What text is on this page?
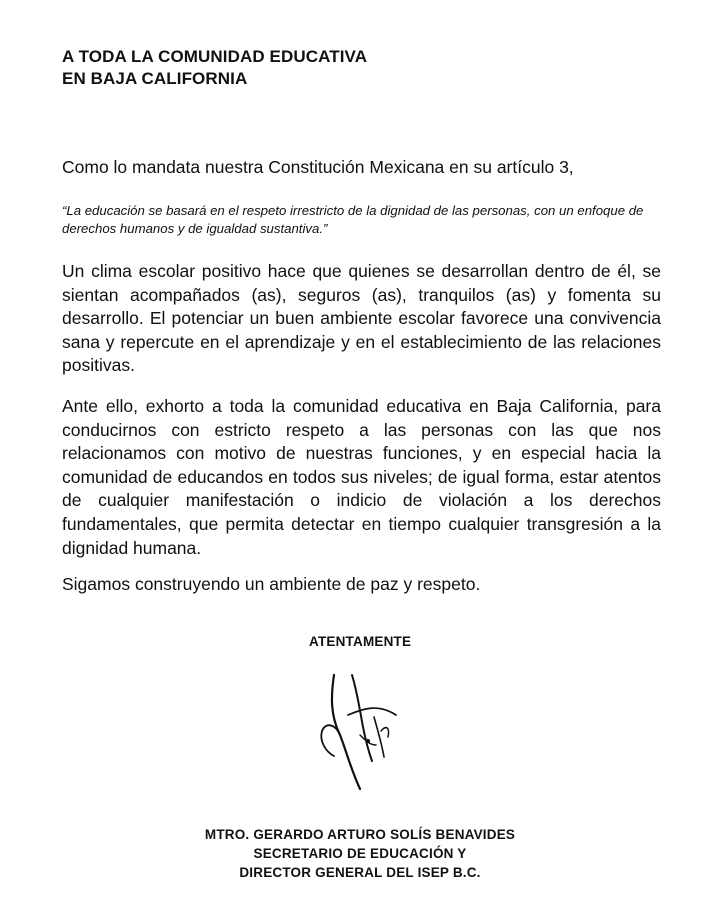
A TODA LA COMUNIDAD EDUCATIVA
EN BAJA CALIFORNIA
Como lo mandata nuestra Constitución Mexicana en su artículo 3,
“La educación se basará en el respeto irrestricto de la dignidad de las personas, con un enfoque de derechos humanos y de igualdad sustantiva.”
Un clima escolar positivo hace que quienes se desarrollan dentro de él, se sientan acompañados (as), seguros (as), tranquilos (as) y fomenta su desarrollo. El potenciar un buen ambiente escolar favorece una convivencia sana y repercute en el aprendizaje y en el establecimiento de las relaciones positivas.
Ante ello, exhorto a toda la comunidad educativa en Baja California, para conducirnos con estricto respeto a las personas con las que nos relacionamos con motivo de nuestras funciones, y en especial hacia la comunidad de educandos en todos sus niveles; de igual forma, estar atentos de cualquier manifestación o indicio de violación a los derechos fundamentales, que permita detectar en tiempo cualquier transgresión a la dignidad humana.
Sigamos construyendo un ambiente de paz y respeto.
ATENTAMENTE
MTRO. GERARDO ARTURO SOLÍS BENAVIDES
SECRETARIO DE EDUCACIÓN Y
DIRECTOR GENERAL DEL ISEP B.C.
